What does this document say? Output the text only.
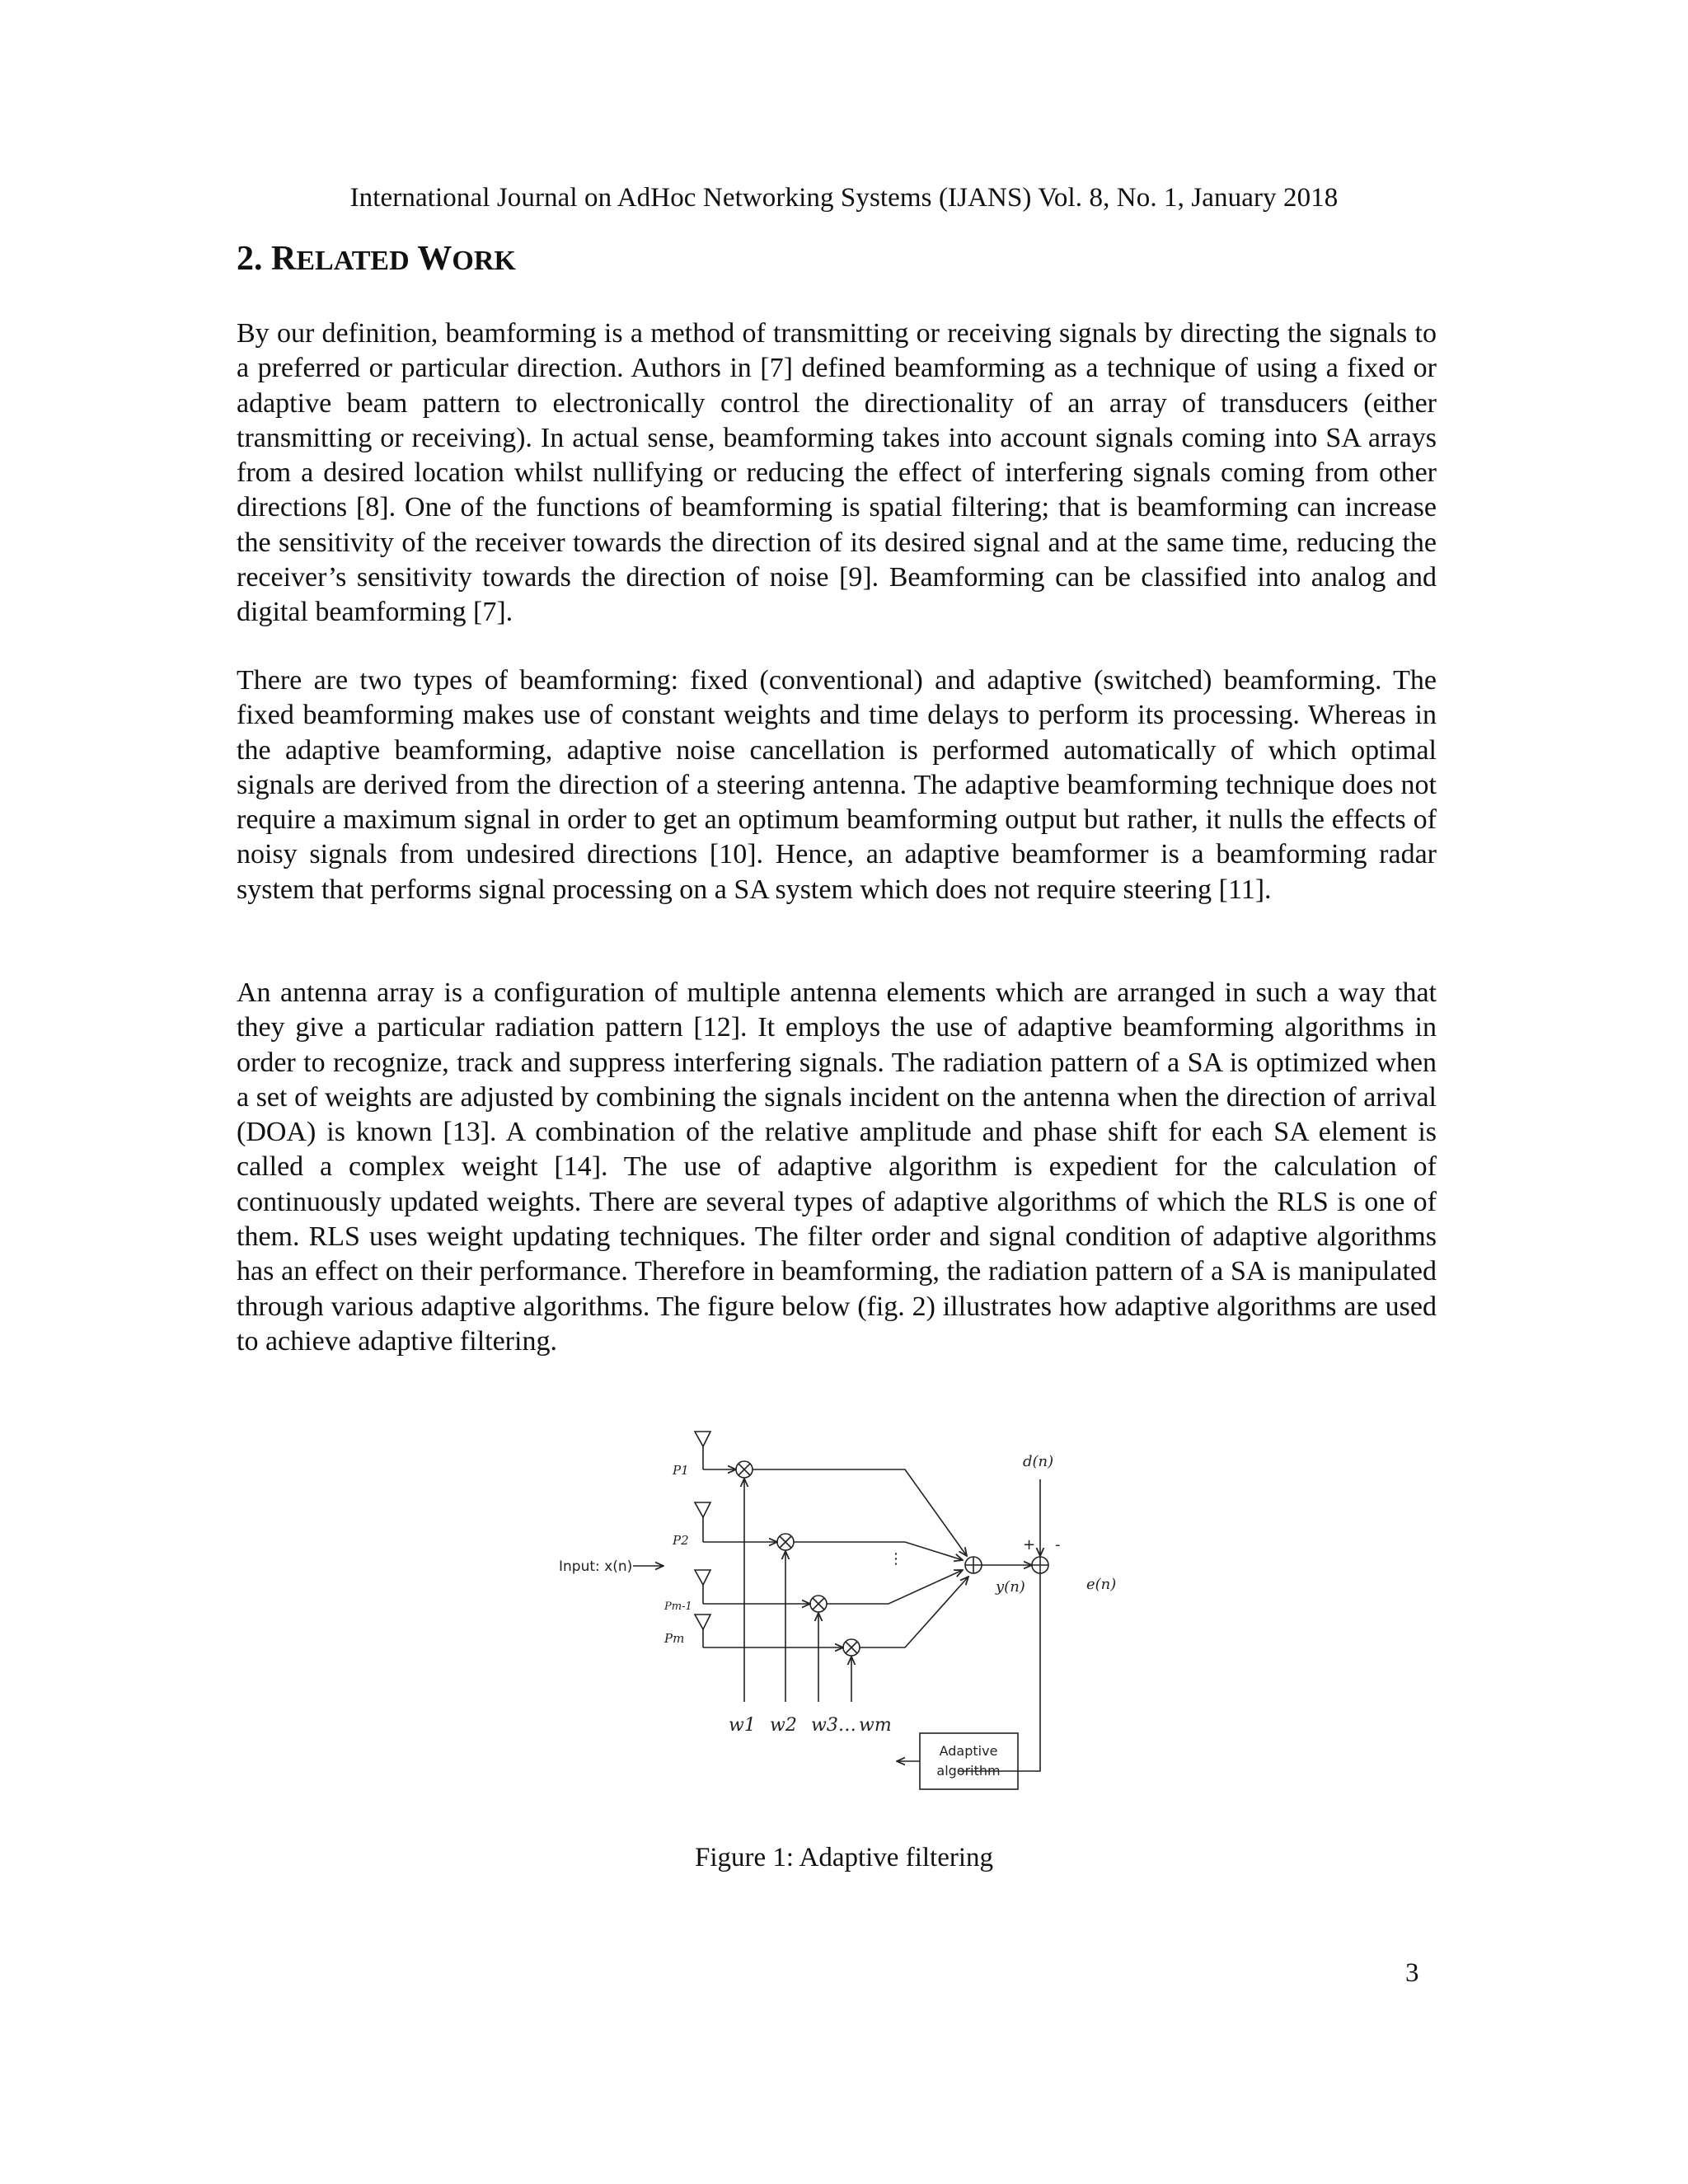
International Journal on AdHoc Networking Systems (IJANS) Vol. 8, No. 1, January 2018
2. RELATED WORK

By our definition, beamforming is a method of transmitting or receiving signals by directing the signals to a preferred or particular direction. Authors in [7] defined beamforming as a technique of using a fixed or adaptive beam pattern to electronically control the directionality of an array of transducers (either transmitting or receiving). In actual sense, beamforming takes into account signals coming into SA arrays from a desired location whilst nullifying or reducing the effect of interfering signals coming from other directions [8]. One of the functions of beamforming is spatial filtering; that is beamforming can increase the sensitivity of the receiver towards the direction of its desired signal and at the same time, reducing the receiver’s sensitivity towards the direction of noise [9]. Beamforming can be classified into analog and digital beamforming [7].

There are two types of beamforming: fixed (conventional) and adaptive (switched) beamforming. The fixed beamforming makes use of constant weights and time delays to perform its processing. Whereas in the adaptive beamforming, adaptive noise cancellation is performed automatically of which optimal signals are derived from the direction of a steering antenna. The adaptive beamforming technique does not require a maximum signal in order to get an optimum beamforming output but rather, it nulls the effects of noisy signals from undesired directions [10]. Hence, an adaptive beamformer is a beamforming radar system that performs signal processing on a SA system which does not require steering [11].

An antenna array is a configuration of multiple antenna elements which are arranged in such a way that they give a particular radiation pattern [12]. It employs the use of adaptive beamforming algorithms in order to recognize, track and suppress interfering signals. The radiation pattern of a SA is optimized when a set of weights are adjusted by combining the signals incident on the antenna when the direction of arrival (DOA) is known [13]. A combination of the relative amplitude and phase shift for each SA element is called a complex weight [14]. The use of adaptive algorithm is expedient for the calculation of continuously updated weights. There are several types of adaptive algorithms of which the RLS is one of them. RLS uses weight updating techniques. The filter order and signal condition of adaptive algorithms has an effect on their performance. Therefore in beamforming, the radiation pattern of a SA is manipulated through various adaptive algorithms. The figure below (fig. 2) illustrates how adaptive algorithms are used to achieve adaptive filtering.

Input: x(n)
P1
P2
Pm-1
Pm
d(n)
y(n)	e(n)
+ -
⋮
w1 w2 w3… wm
Adaptive
algorithm
Figure 1: Adaptive filtering
3
